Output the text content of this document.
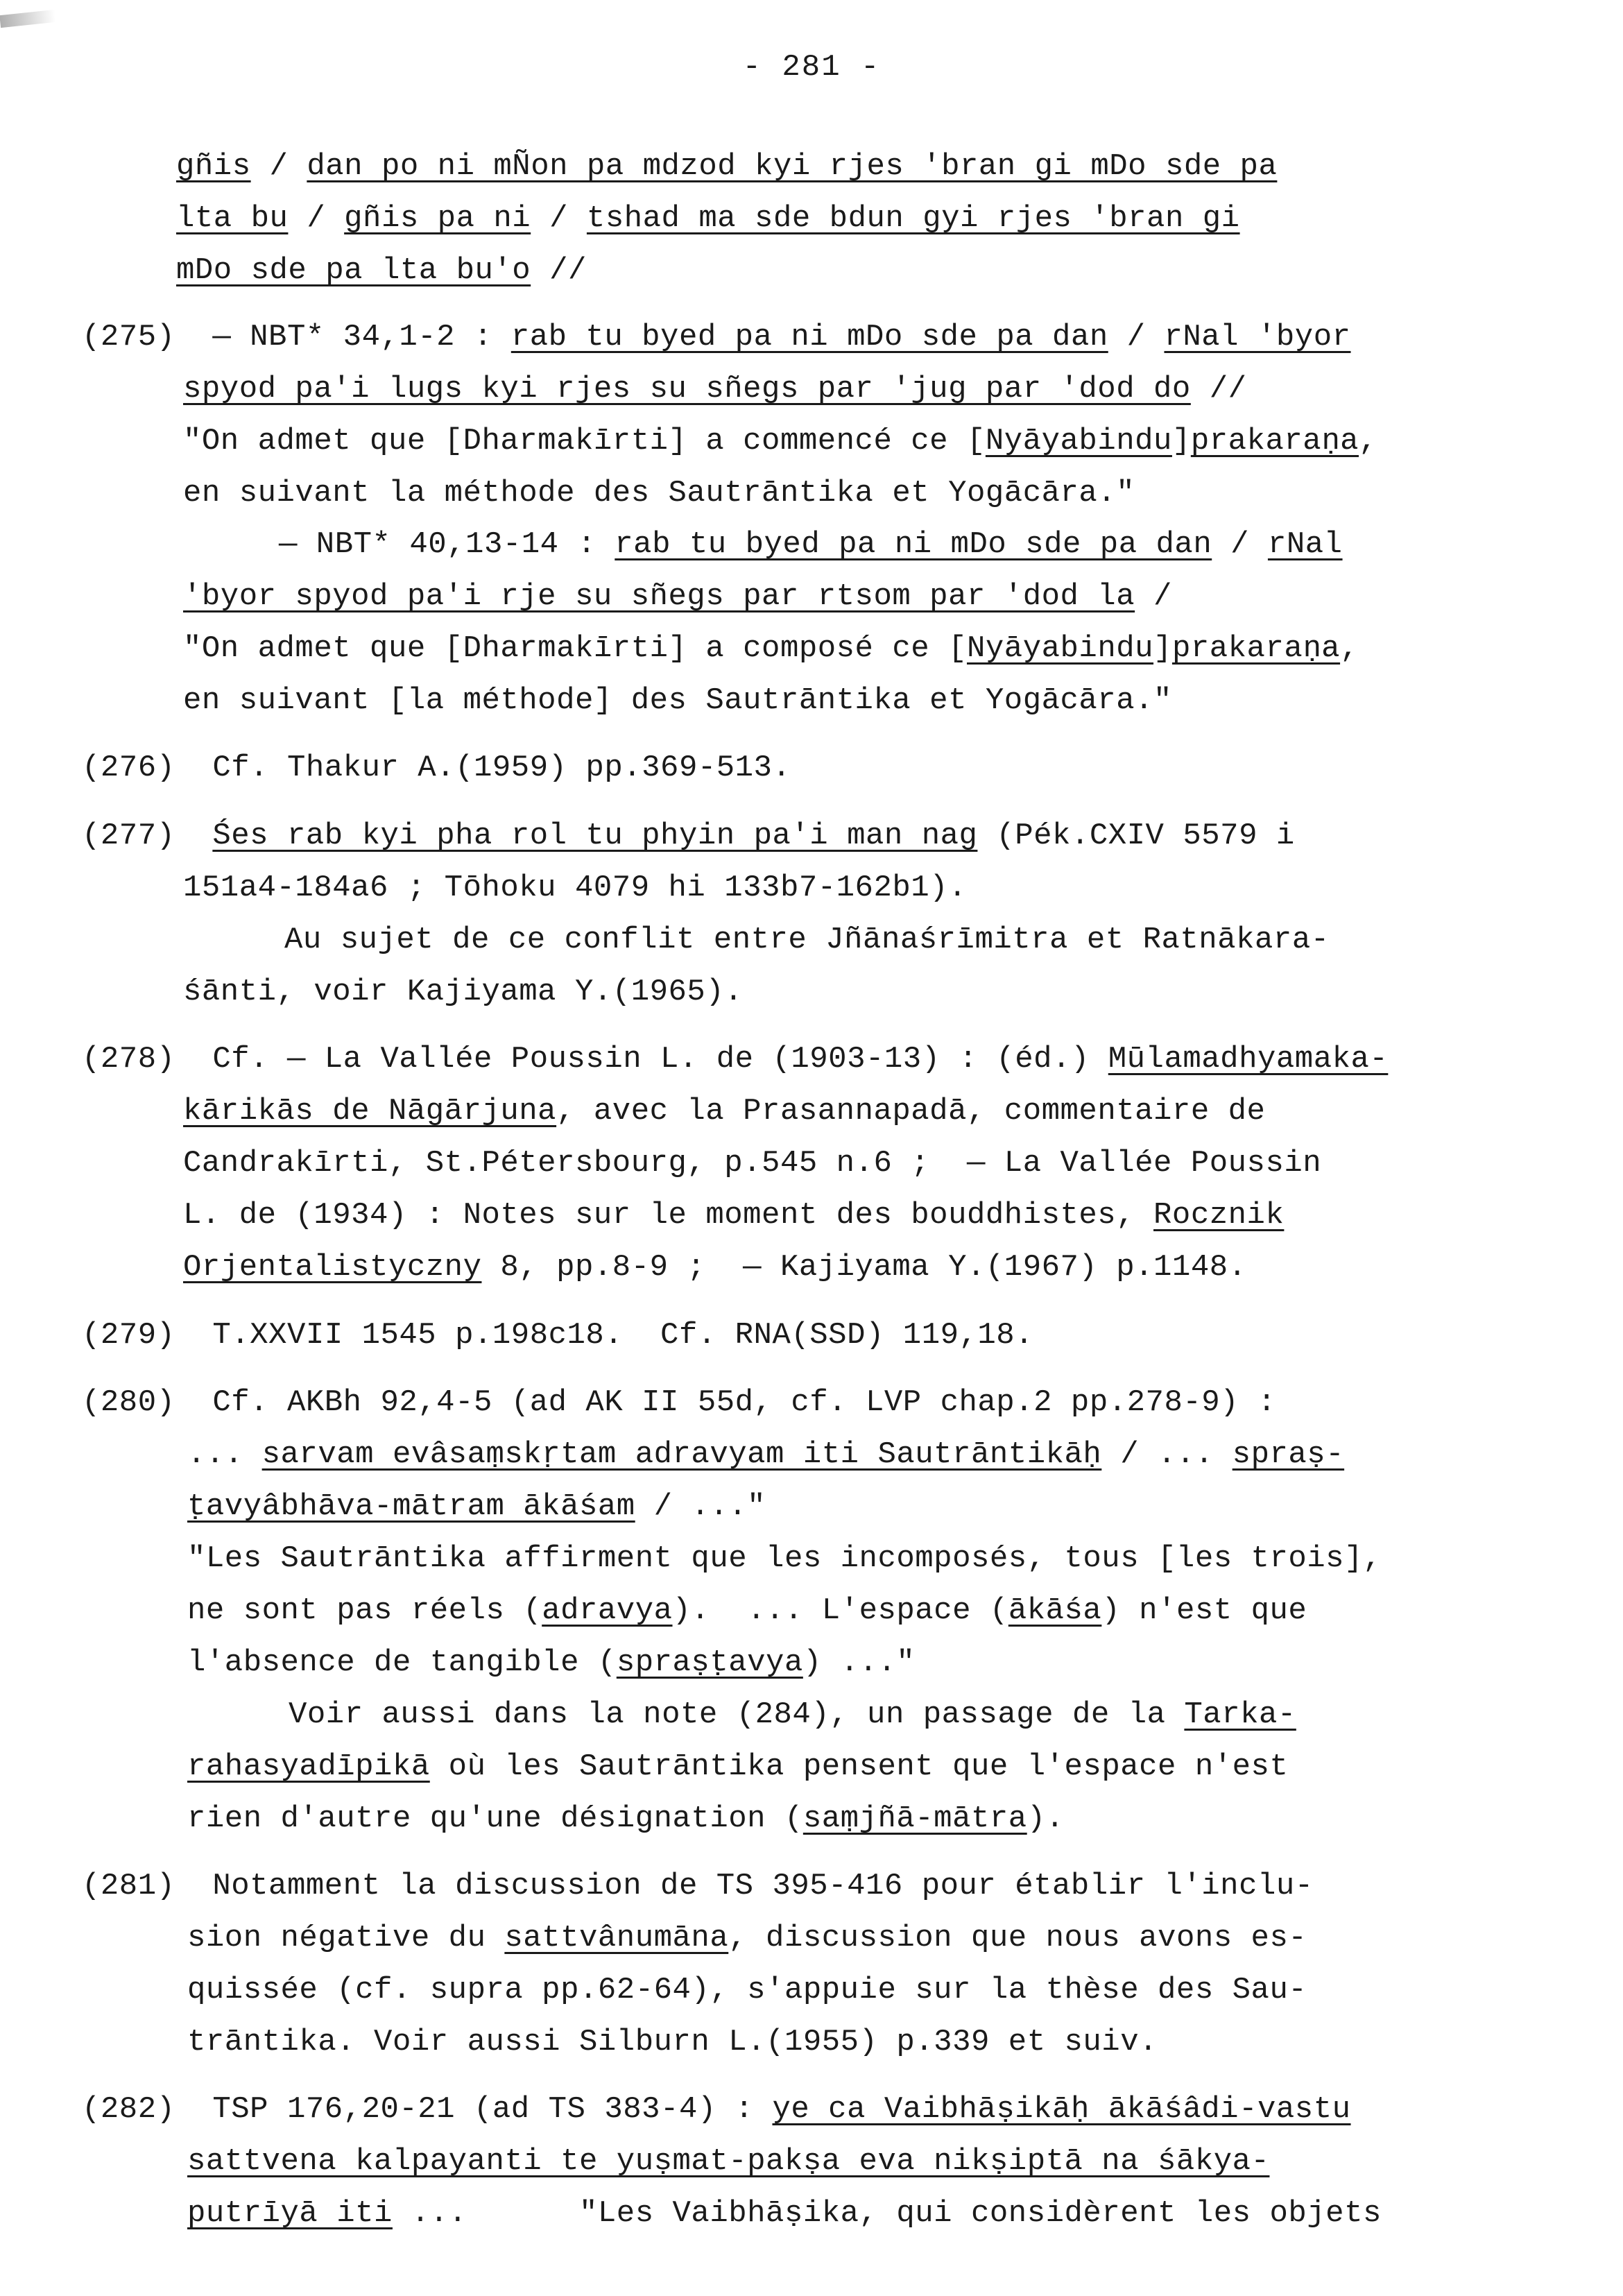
- 281 -
gñis / dan po ni mÑon pa mdzod kyi rjes 'bran gi mDo sde pa
lta bu / gñis pa ni / tshad ma sde bdun gyi rjes 'bran gi
mDo sde pa lta bu'o //
(275)  — NBT* 34,1-2 : rab tu byed pa ni mDo sde pa dan / rNal 'byor
spyod pa'i lugs kyi rjes su sñegs par 'jug par 'dod do //
"On admet que [Dharmakīrti] a commencé ce [Nyāyabindu]prakaraṇa,
en suivant la méthode des Sautrāntika et Yogācāra."
— NBT* 40,13-14 : rab tu byed pa ni mDo sde pa dan / rNal
'byor spyod pa'i rje su sñegs par rtsom par 'dod la /
"On admet que [Dharmakīrti] a composé ce [Nyāyabindu]prakaraṇa,
en suivant [la méthode] des Sautrāntika et Yogācāra."
(276)  Cf. Thakur A.(1959) pp.369-513.
(277)  Śes rab kyi pha rol tu phyin pa'i man nag (Pék.CXIV 5579 i
151a4-184a6 ; Tōhoku 4079 hi 133b7-162b1).
Au sujet de ce conflit entre Jñānaśrīmitra et Ratnākara-
śānti, voir Kajiyama Y.(1965).
(278)  Cf. — La Vallée Poussin L. de (1903-13) : (éd.) Mūlamadhyamaka-
kārikās de Nāgārjuna, avec la Prasannapadā, commentaire de
Candrakīrti, St.Pétersbourg, p.545 n.6 ;  — La Vallée Poussin
L. de (1934) : Notes sur le moment des bouddhistes, Rocznik
Orjentalistyczny 8, pp.8-9 ;  — Kajiyama Y.(1967) p.1148.
(279)  T.XXVII 1545 p.198c18.  Cf. RNA(SSD) 119,18.
(280)  Cf. AKBh 92,4-5 (ad AK II 55d, cf. LVP chap.2 pp.278-9) :
... sarvam evâsaṃskṛtam adravyam iti Sautrāntikāḥ / ... spraṣ-
ṭavyâbhāva-mātram ākāśam / ..."
"Les Sautrāntika affirment que les incomposés, tous [les trois],
ne sont pas réels (adravya).  ... L'espace (ākāśa) n'est que
l'absence de tangible (spraṣṭavya) ..."
Voir aussi dans la note (284), un passage de la Tarka-
rahasyadīpikā où les Sautrāntika pensent que l'espace n'est
rien d'autre qu'une désignation (saṃjñā-mātra).
(281)  Notamment la discussion de TS 395-416 pour établir l'inclu-
sion négative du sattvânumāna, discussion que nous avons es-
quissée (cf. supra pp.62-64), s'appuie sur la thèse des Sau-
trāntika. Voir aussi Silburn L.(1955) p.339 et suiv.
(282)  TSP 176,20-21 (ad TS 383-4) : ye ca Vaibhāṣikāḥ ākāśâdi-vastu
sattvena kalpayanti te yuṣmat-pakṣa eva nikṣiptā na śākya-
putrīyā iti ...      "Les Vaibhāṣika, qui considèrent les objets
